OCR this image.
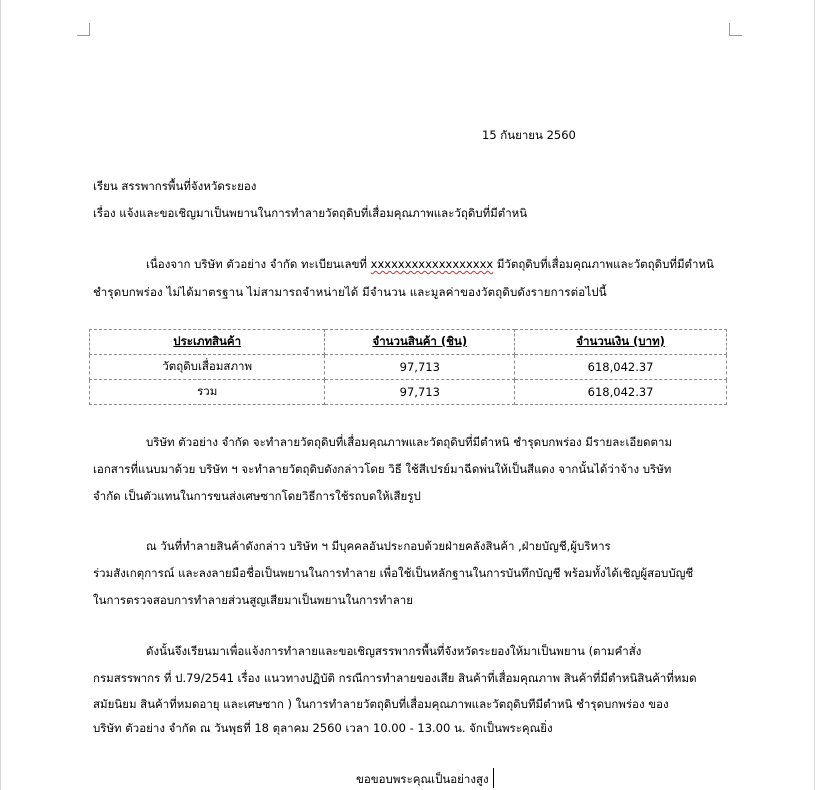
15 กันยายน 2560
เรียน สรรพากรพื้นที่จังหวัดระยอง
เรื่อง แจ้งและขอเชิญมาเป็นพยานในการทำลายวัตถุดิบที่เสื่อมคุณภาพและวัถุดิบที่มีตำหนิ
เนื่องจาก บริษัท ตัวอย่าง จำกัด ทะเบียนเลขที่ xxxxxxxxxxxxxxxxxx มีวัตถุดิบที่เสื่อมคุณภาพและวัตถุดิบที่มีตำหนิ
ชำรุดบกพร่อง ไม่ได้มาตรฐาน ไม่สามารถจำหน่ายได้ มีจำนวน และมูลค่าของวัตถุดิบดังรายการต่อไปนี้
ประเภทสินค้า	จำนวนสินค้า (ชิน)	จำนวนเงิน (บาท)
วัตถุดิบเสื่อมสภาพ	97,713	618,042.37
รวม	97,713	618,042.37
บริษัท ตัวอย่าง จำกัด จะทำลายวัตถุดิบที่เสื่อมคุณภาพและวัตถุดิบที่มีตำหนิ ชำรุดบกพร่อง มีรายละเอียดตาม
เอกสารที่แนบมาด้วย บริษัท ฯ จะทำลายวัตถุดิบดังกล่าวโดย วิธี ใช้สีเปรย์มาฉีดพ่นให้เป็นสีแดง จากนั้นได้ว่าจ้าง บริษัท
จำกัด เป็นตัวแทนในการขนส่งเศษซากโดยวิธีการใช้รถบดให้เสียรูป
ณ วันที่ทำลายสินค้าดังกล่าว บริษัท ฯ มีบุคคลอันประกอบด้วยฝ่ายคลังสินค้า ,ฝ่ายบัญชี,ผู้บริหาร
ร่วมสังเกตุการณ์ และลงลายมือชื่อเป็นพยานในการทำลาย เพื่อใช้เป็นหลักฐานในการบันทึกบัญชี พร้อมทั้งได้เชิญผู้สอบบัญชี
ในการตรวจสอบการทำลายส่วนสูญเสียมาเป็นพยานในการทำลาย
ดังนั้นจึงเรียนมาเพื่อแจ้งการทำลายและขอเชิญสรรพากรพื้นที่จังหวัดระยองให้มาเป็นพยาน (ตามคำสั่ง
กรมสรรพากร ที่ ป.79/2541 เรื่อง แนวทางปฏิบัติ กรณีการทำลายของเสีย สินค้าที่เสื่อมคุณภาพ สินค้าที่มีตำหนิสินค้าที่หมด
สมัยนิยม สินค้าที่หมดอายุ และเศษซาก ) ในการทำลายวัตถุดิบที่เสื่อมคุณภาพและวัตถุดิบทีมีตำหนิ ชำรุดบกพร่อง ของ
บริษัท ตัวอย่าง จำกัด ณ วันพุธที่ 18 ตุลาคม 2560 เวลา 10.00 - 13.00 น. จักเป็นพระคุณยิ่ง
ขอขอบพระคุณเป็นอย่างสูง
